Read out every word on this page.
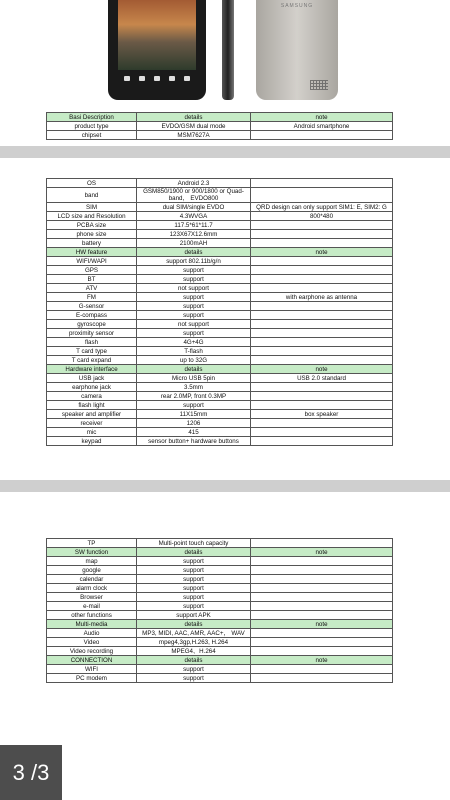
SAMSUNG
Basi Description	details	note
product type	EVDO/GSM dual mode	Android smartphone
chipset	MSM7627A	
OS	Android 2.3	
band	GSM850/1900 or 900/1800 or Quad-band， EVDO800	
SIM	dual SIM/single EVDO	QRD design can only support SIM1: E, SIM2: G
LCD size and Resolution	4.3WVGA	800*480
PCBA size	117.5*61*11.7	
phone size	123X67X12.6mm	
battery	2100mAH	
HW feature	details	note
WIFI/WAPI	support 802.11b/g/n	
GPS	support	
BT	support	
ATV	not support	
FM	support	with earphone as antenna
G-sensor	support	
E-compass	support	
gyroscope	not support	
proximity sensor	support	
flash	4G+4G	
T card type	T-flash	
T card expand	up to 32G	
Hardware interface	details	note
USB jack	Micro USB 5pin	USB 2.0 standard
earphone jack	3.5mm	
camera	rear 2.0MP, front 0.3MP	
flash light	support	
speaker and amplifier	11X15mm	box speaker
receiver	1206	
mic	415	
keypad	sensor button+ hardware buttons	
TP	Multi-point touch capacity	
SW function	details	note
map	support	
google	support	
calendar	support	
alarm clock	support	
Browser	support	
e-mail	support	
other functions	support APK	
Multi-media	details	note
Audio	MP3, MIDI, AAC, AMR, AAC+， WAV	
Video	mpeg4,3gp,H.263, H.264	
Video recording	MPEG4、H.264	
CONNECTION	details	note
WIFI	support	
PC modem	support	
3 /3
